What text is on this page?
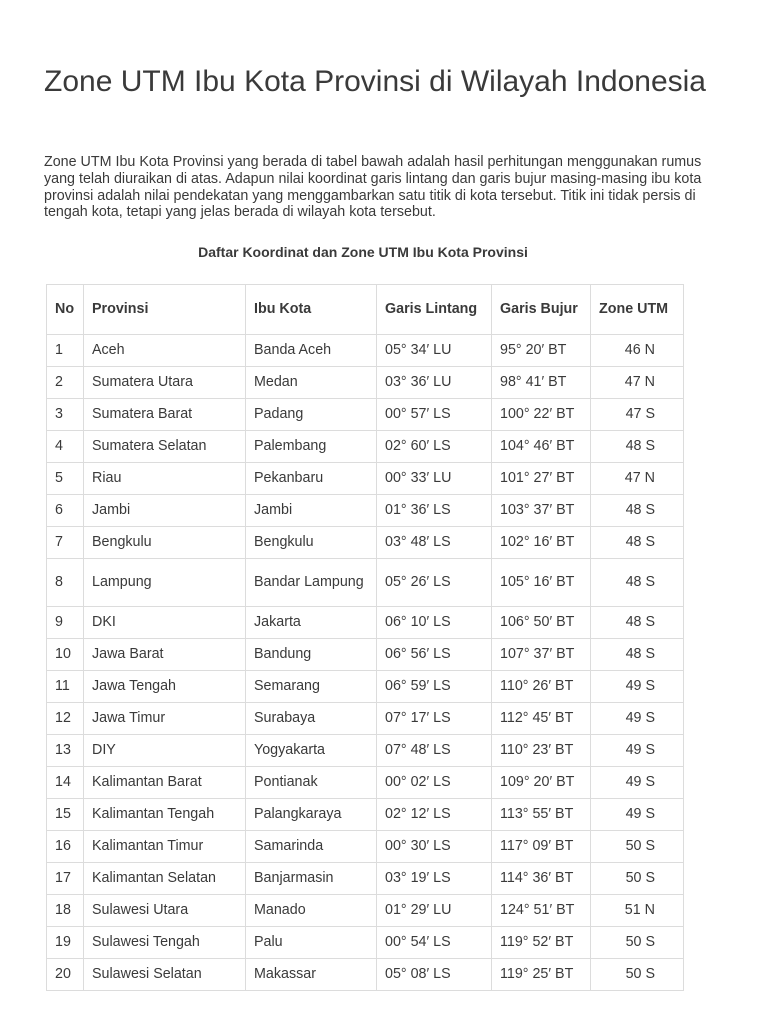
Zone UTM Ibu Kota Provinsi di Wilayah Indonesia

Zone UTM Ibu Kota Provinsi yang berada di tabel bawah adalah hasil perhitungan menggunakan rumus yang telah diuraikan di atas. Adapun nilai koordinat garis lintang dan garis bujur masing-masing ibu kota provinsi adalah nilai pendekatan yang menggambarkan satu titik di kota tersebut. Titik ini tidak persis di tengah kota, tetapi yang jelas berada di wilayah kota tersebut.

Daftar Koordinat dan Zone UTM Ibu Kota Provinsi
No	Provinsi	Ibu Kota	Garis Lintang	Garis Bujur	Zone UTM
1	Aceh	Banda Aceh	05° 34′ LU	95° 20′ BT	46 N
2	Sumatera Utara	Medan	03° 36′ LU	98° 41′ BT	47 N
3	Sumatera Barat	Padang	00° 57′ LS	100° 22′ BT	47 S
4	Sumatera Selatan	Palembang	02° 60′ LS	104° 46′ BT	48 S
5	Riau	Pekanbaru	00° 33′ LU	101° 27′ BT	47 N
6	Jambi	Jambi	01° 36′ LS	103° 37′ BT	48 S
7	Bengkulu	Bengkulu	03° 48′ LS	102° 16′ BT	48 S
8	Lampung	Bandar Lampung	05° 26′ LS	105° 16′ BT	48 S
9	DKI	Jakarta	06° 10′ LS	106° 50′ BT	48 S
10	Jawa Barat	Bandung	06° 56′ LS	107° 37′ BT	48 S
11	Jawa Tengah	Semarang	06° 59′ LS	110° 26′ BT	49 S
12	Jawa Timur	Surabaya	07° 17′ LS	112° 45′ BT	49 S
13	DIY	Yogyakarta	07° 48′ LS	110° 23′ BT	49 S
14	Kalimantan Barat	Pontianak	00° 02′ LS	109° 20′ BT	49 S
15	Kalimantan Tengah	Palangkaraya	02° 12′ LS	113° 55′ BT	49 S
16	Kalimantan Timur	Samarinda	00° 30′ LS	117° 09′ BT	50 S
17	Kalimantan Selatan	Banjarmasin	03° 19′ LS	114° 36′ BT	50 S
18	Sulawesi Utara	Manado	01° 29′ LU	124° 51′ BT	51 N
19	Sulawesi Tengah	Palu	00° 54′ LS	119° 52′ BT	50 S
20	Sulawesi Selatan	Makassar	05° 08′ LS	119° 25′ BT	50 S
